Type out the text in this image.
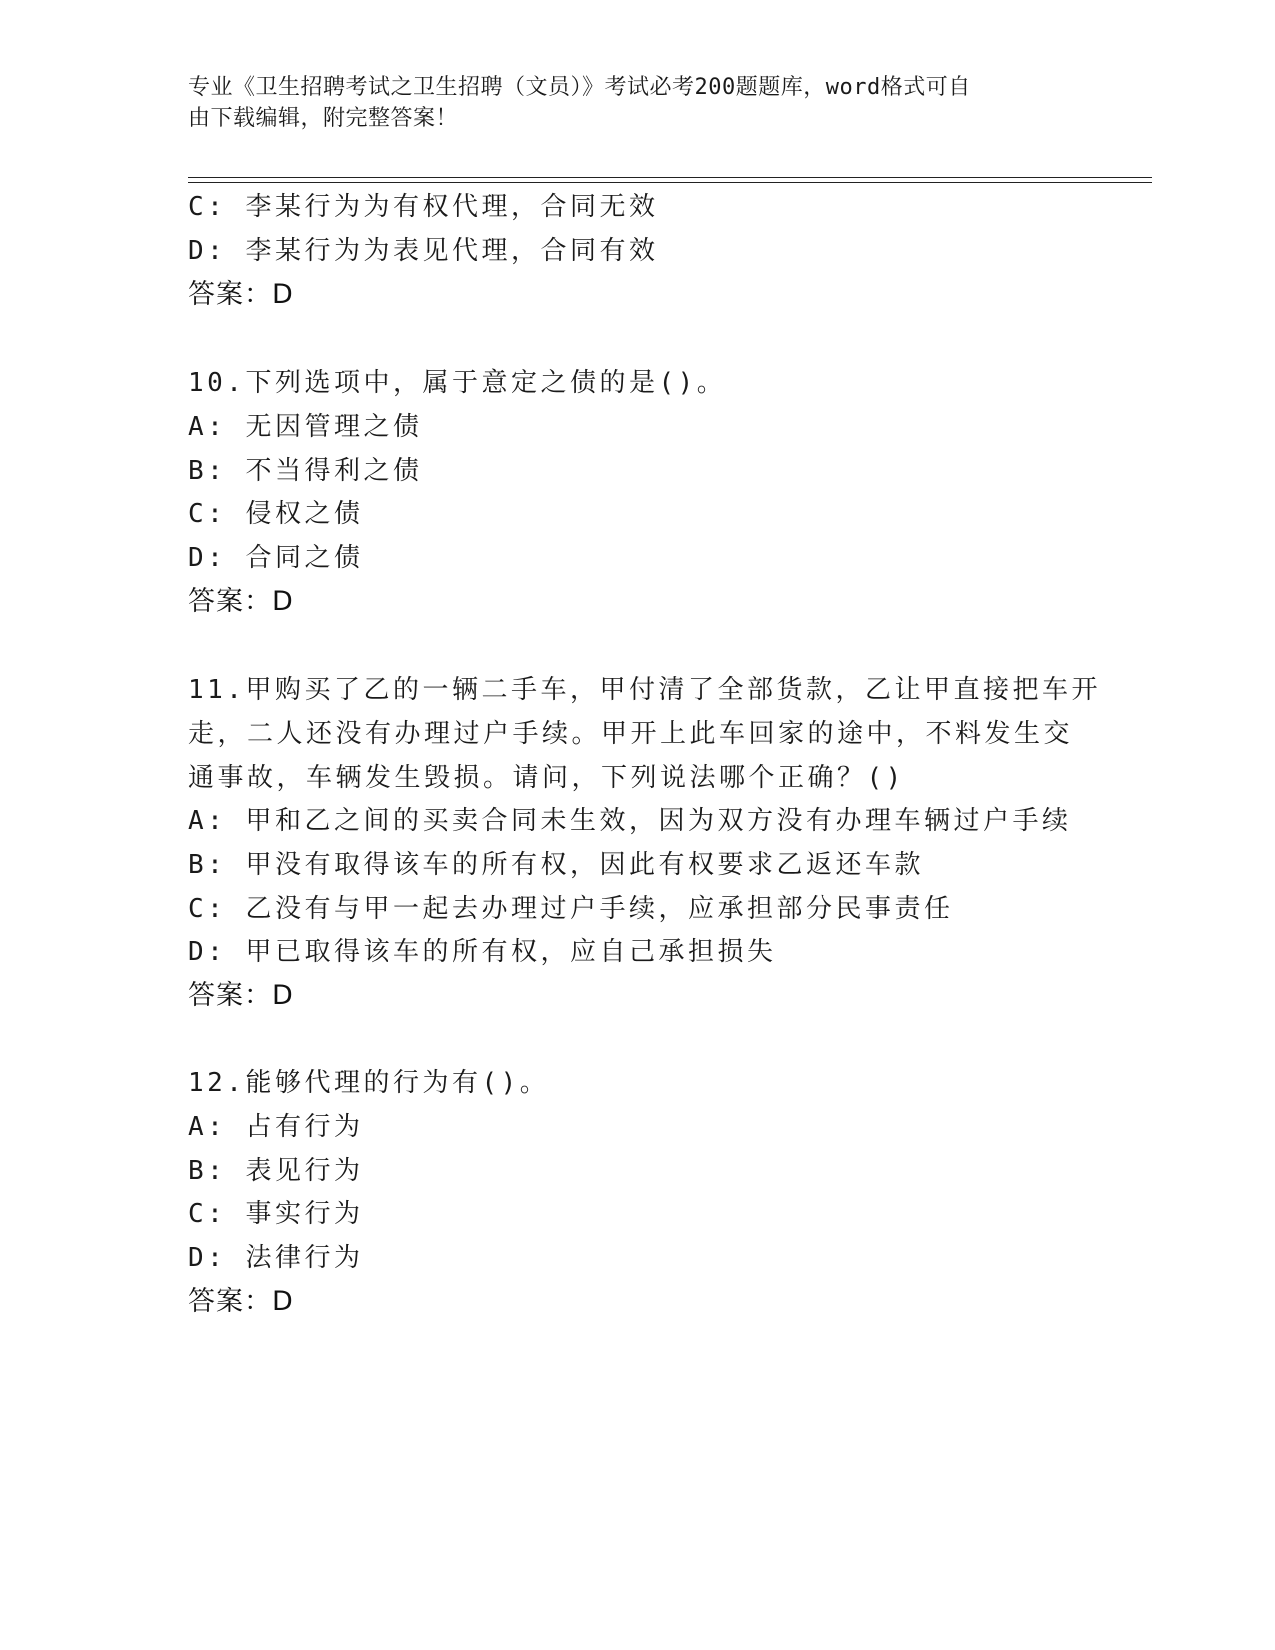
专业《卫生招聘考试之卫生招聘（文员）》考试必考200题题库，word格式可自
由下载编辑，附完整答案！
C: 李某行为为有权代理，合同无效
D: 李某行为为表见代理，合同有效
答案：D
10.下列选项中，属于意定之债的是()。
A: 无因管理之债
B: 不当得利之债
C: 侵权之债
D: 合同之债
答案：D
11.甲购买了乙的一辆二手车，甲付清了全部货款，乙让甲直接把车开
走，二人还没有办理过户手续。甲开上此车回家的途中，不料发生交
通事故，车辆发生毁损。请问，下列说法哪个正确？()
A: 甲和乙之间的买卖合同未生效，因为双方没有办理车辆过户手续
B: 甲没有取得该车的所有权，因此有权要求乙返还车款
C: 乙没有与甲一起去办理过户手续，应承担部分民事责任
D: 甲已取得该车的所有权，应自己承担损失
答案：D
12.能够代理的行为有()。
A: 占有行为
B: 表见行为
C: 事实行为
D: 法律行为
答案：D
